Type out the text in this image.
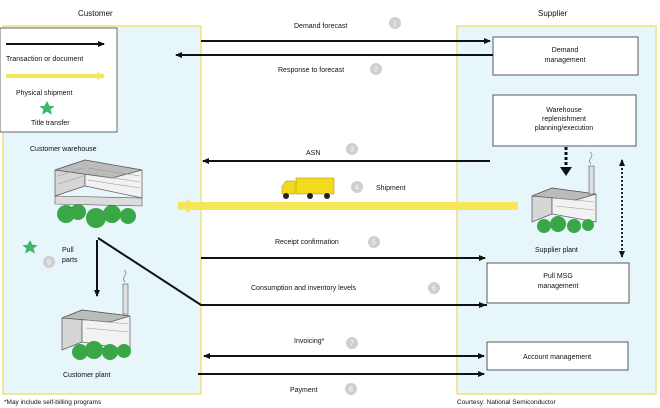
Customer	Supplier
Transaction or document
Physical shipment
Title transfer
Customer warehouse
9
Pull
parts
Customer plant
Demand
management
Warehouse
replenishment
planning/execution
Pull MSG
management
Account management
Supplier plant
Demand forecast	1
Response to forecast	2
ASN	3
4 Shipment
Receipt confirmation	5
Consumption and inventory levels	6
Invoicing*	7
Payment	8
*May include self-billing programs	Courtesy: National Semiconductor
